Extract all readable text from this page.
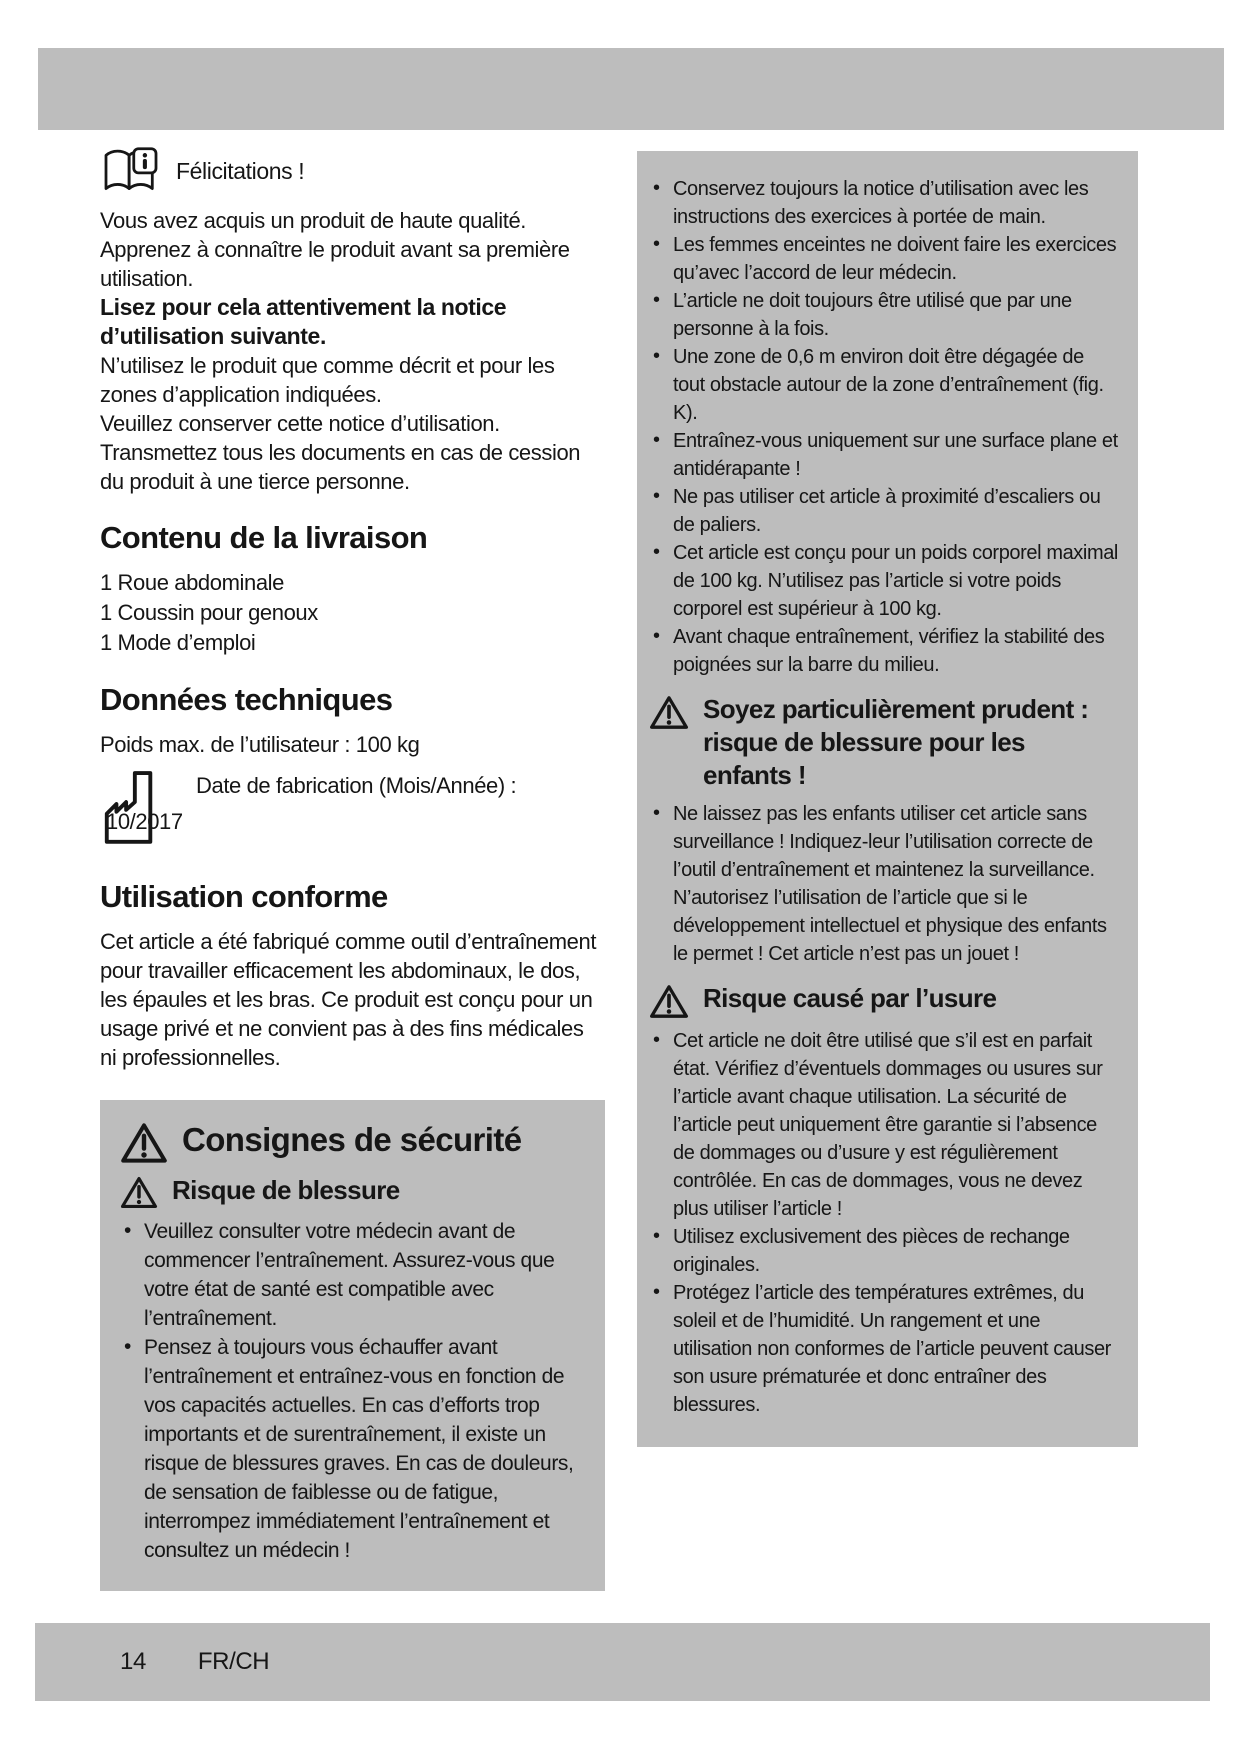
Félicitations !

Vous avez acquis un produit de haute qualité. Apprenez à connaître le produit avant sa première utilisation.

Lisez pour cela attentivement la notice d’utilisation suivante.

N’utilisez le produit que comme décrit et pour les zones d’application indiquées.

Veuillez conserver cette notice d’utilisation. Transmettez tous les documents en cas de cession du produit à une tierce personne.

Contenu de la livraison
1 Roue abdominale
1 Coussin pour genoux
1 Mode d’emploi
Données techniques

Poids max. de l’utilisateur : 100 kg

Date de fabrication (Mois/Année) :
10/2017
Utilisation conforme

Cet article a été fabriqué comme outil d’entraînement pour travailler efficacement les abdominaux, le dos, les épaules et les bras. Ce produit est conçu pour un usage privé et ne convient pas à des fins médicales ni professionnelles.

Consignes de sécurité
Risque de blessure
• Veuillez consulter votre médecin avant de commencer l’entraînement. Assurez-vous que votre état de santé est compatible avec l’entraînement.
• Pensez à toujours vous échauffer avant l’entraînement et entraînez-vous en fonction de vos capacités actuelles. En cas d’efforts trop importants et de surentraînement, il existe un risque de blessures graves. En cas de douleurs, de sensation de faiblesse ou de fatigue, interrompez immédiatement l’entraînement et consultez un médecin !
• Conservez toujours la notice d’utilisation avec les instructions des exercices à portée de main.
• Les femmes enceintes ne doivent faire les exercices qu’avec l’accord de leur médecin.
• L’article ne doit toujours être utilisé que par une personne à la fois.
• Une zone de 0,6 m environ doit être dégagée de tout obstacle autour de la zone d’entraînement (fig. K).
• Entraînez-vous uniquement sur une surface plane et antidérapante !
• Ne pas utiliser cet article à proximité d’escaliers ou de paliers.
• Cet article est conçu pour un poids corporel maximal de 100 kg. N’utilisez pas l’article si votre poids corporel est supérieur à 100 kg.
• Avant chaque entraînement, vérifiez la stabilité des poignées sur la barre du milieu.
Soyez particulièrement prudent : risque de blessure pour les enfants !
• Ne laissez pas les enfants utiliser cet article sans surveillance ! Indiquez-leur l’utilisation correcte de l’outil d’entraînement et maintenez la surveillance. N’autorisez l’utilisation de l’article que si le développement intellectuel et physique des enfants le permet ! Cet article n’est pas un jouet !
Risque causé par l’usure
• Cet article ne doit être utilisé que s’il est en parfait état. Vérifiez d’éventuels dommages ou usures sur l’article avant chaque utilisation. La sécurité de l’article peut uniquement être garantie si l’absence de dommages ou d’usure y est régulièrement contrôlée. En cas de dommages, vous ne devez plus utiliser l’article !
• Utilisez exclusivement des pièces de rechange originales.
• Protégez l’article des températures extrêmes, du soleil et de l’humidité. Un rangement et une utilisation non conformes de l’article peuvent causer son usure prématurée et donc entraîner des blessures.
14 FR/CH
